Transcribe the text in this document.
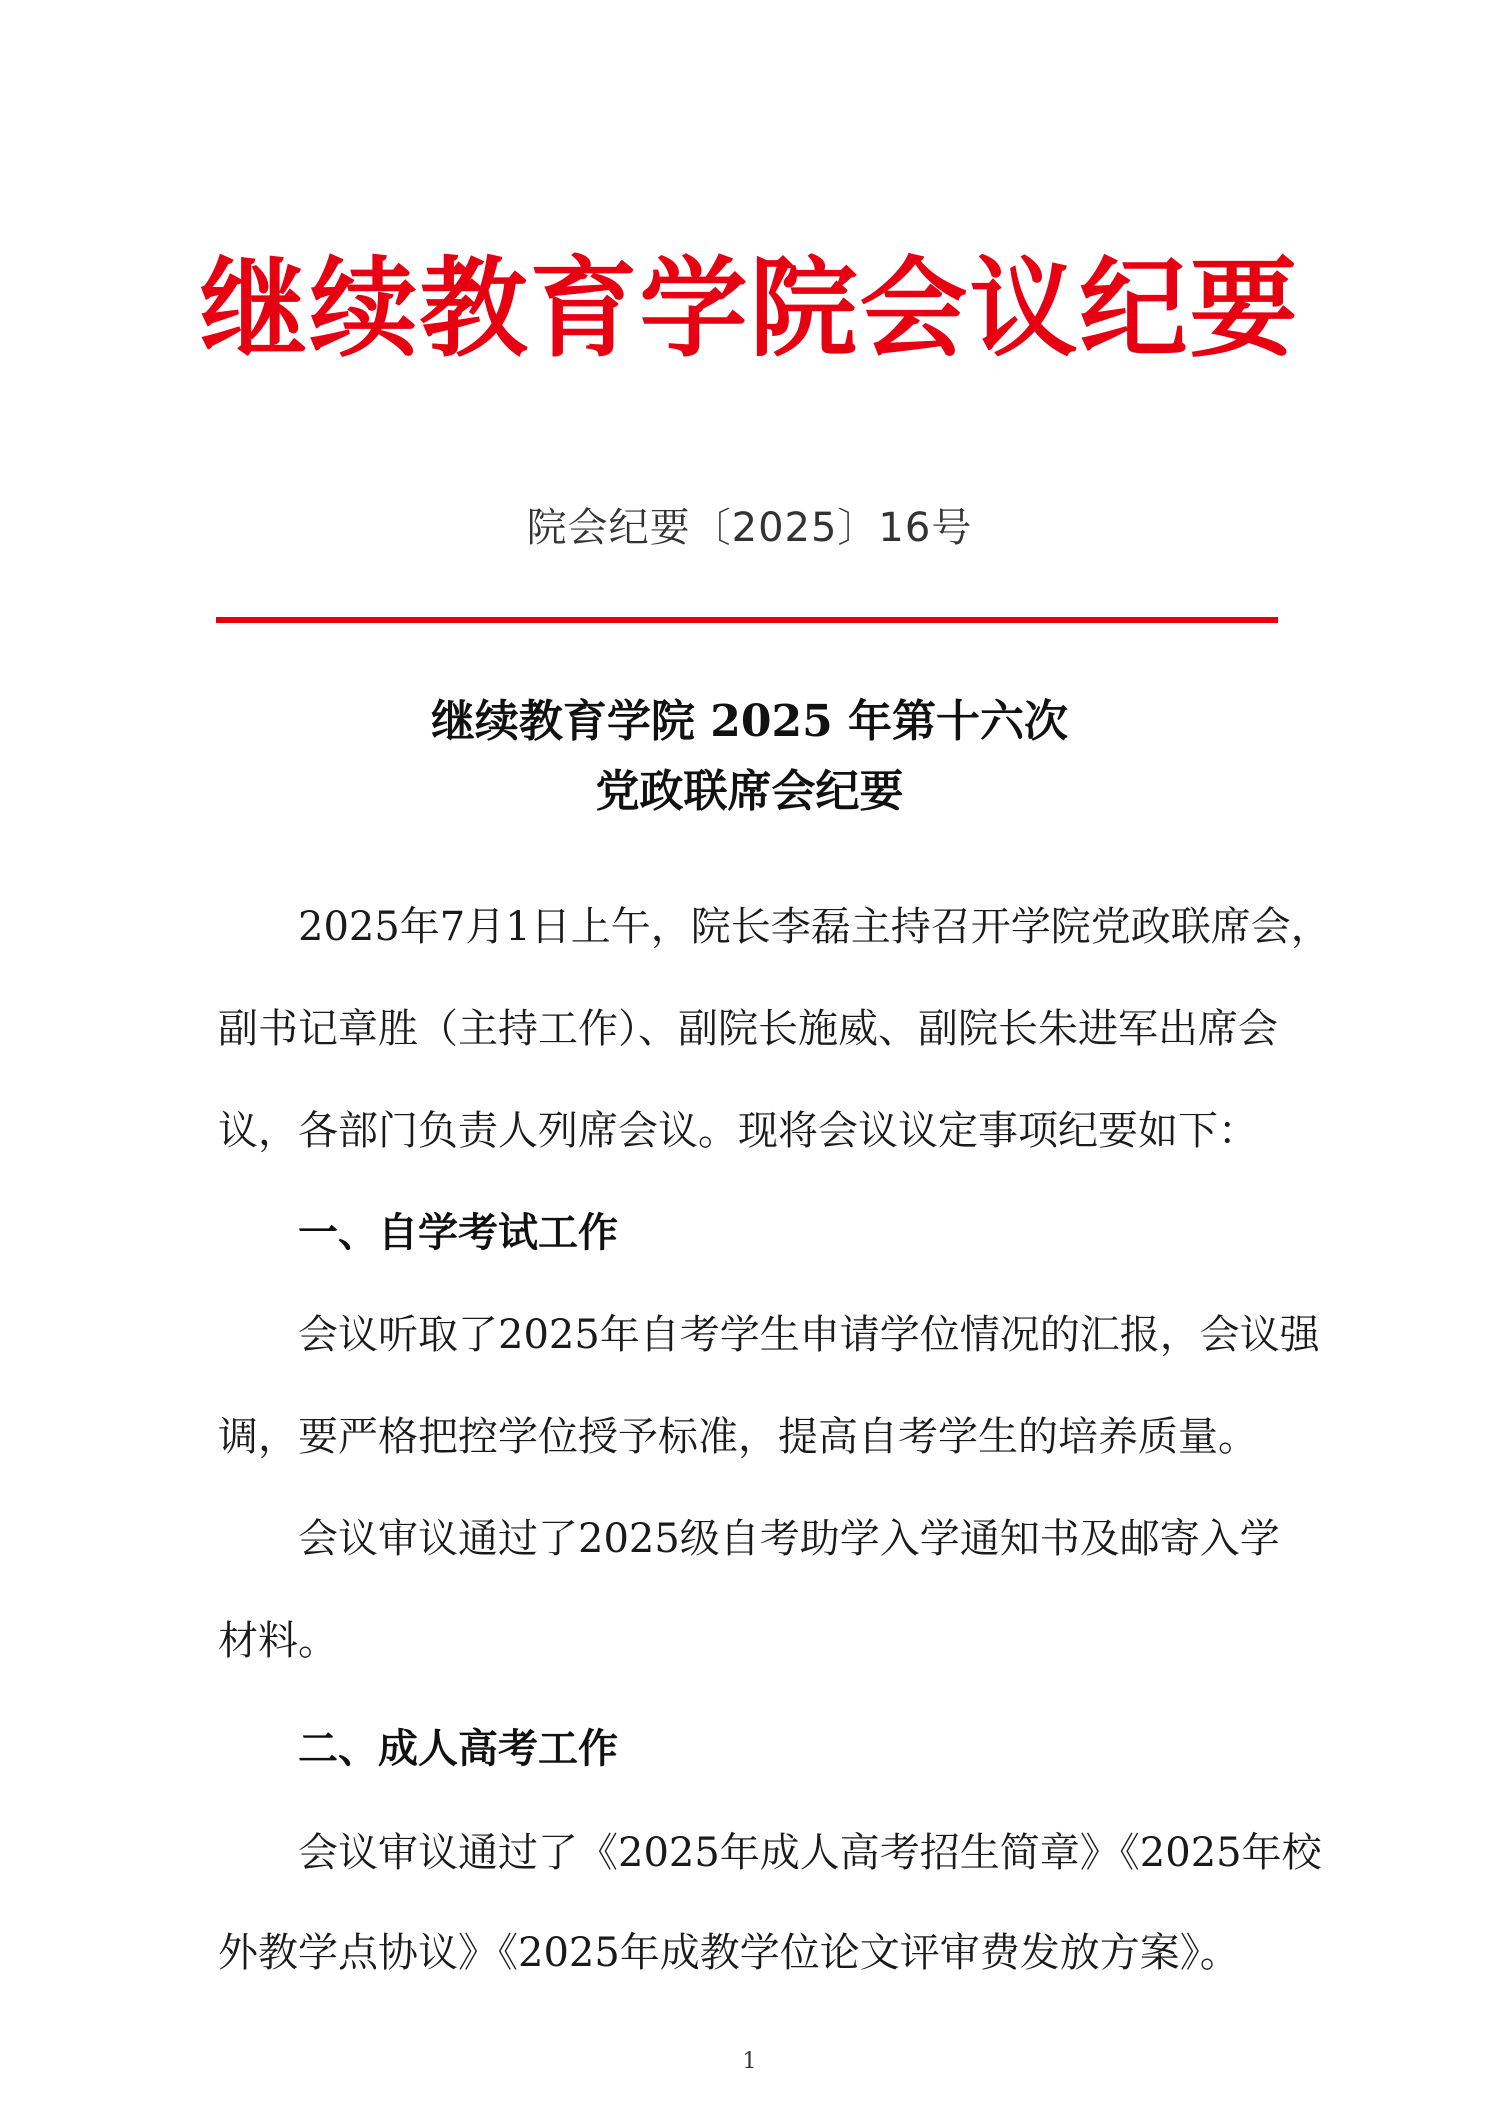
继续教育学院会议纪要
院会纪要〔2025〕16号
继续教育学院 2025 年第十六次
党政联席会纪要
2025年7月1日上午，院长李磊主持召开学院党政联席会，
副书记章胜（主持工作）、副院长施威、副院长朱进军出席会
议，各部门负责人列席会议。现将会议议定事项纪要如下：
一、自学考试工作
会议听取了2025年自考学生申请学位情况的汇报，会议强
调，要严格把控学位授予标准，提高自考学生的培养质量。
会议审议通过了2025级自考助学入学通知书及邮寄入学
材料。
二、成人高考工作
会议审议通过了《2025年成人高考招生简章》《2025年校
外教学点协议》《2025年成教学位论文评审费发放方案》。
1
